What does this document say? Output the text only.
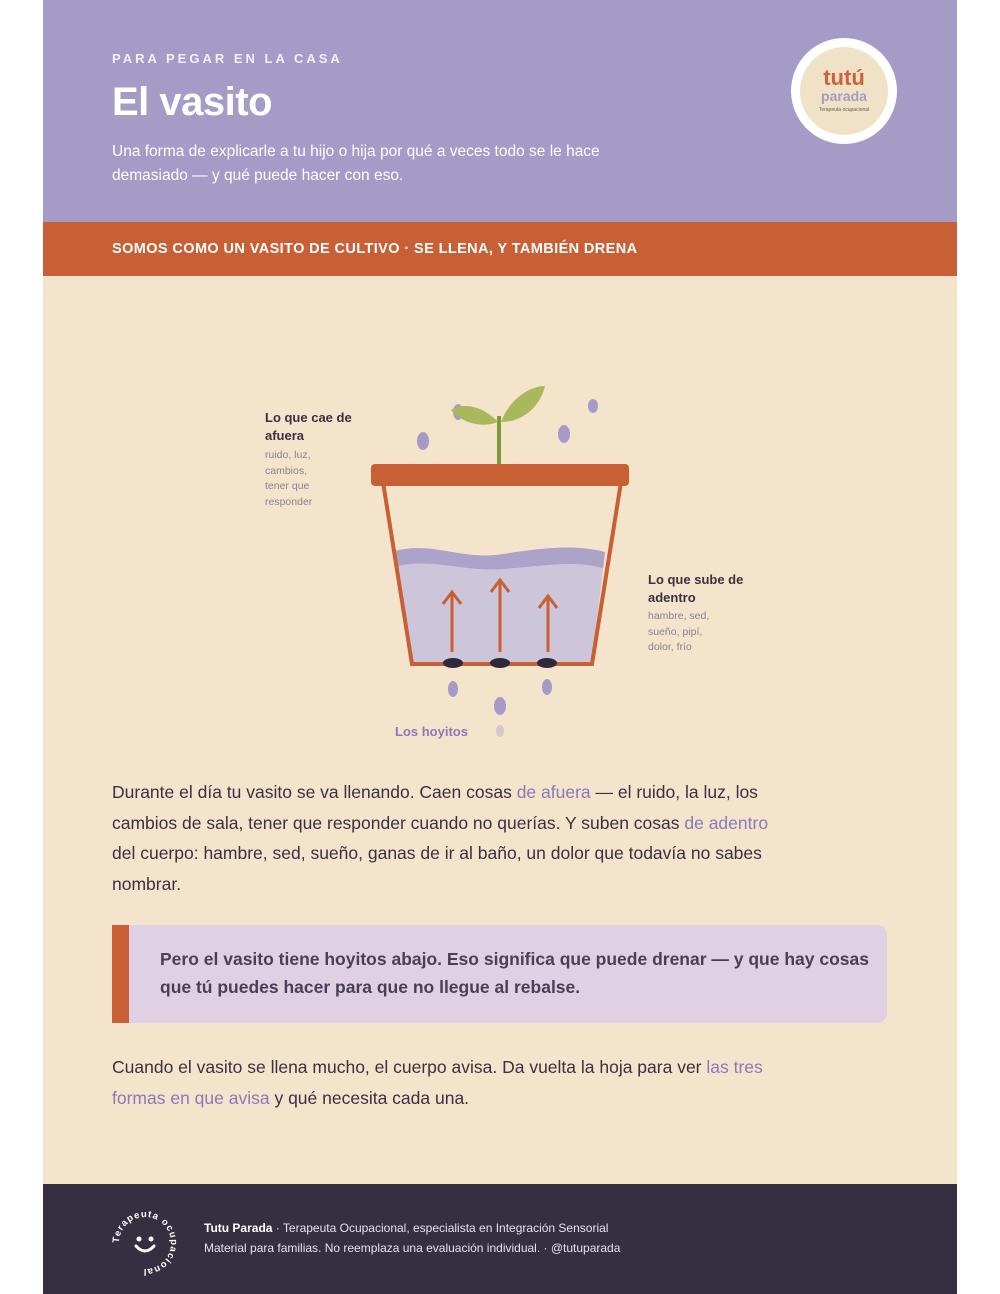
PARA PEGAR EN LA CASA
El vasito
Una forma de explicarle a tu hijo o hija por qué a veces todo se le hace demasiado — y qué puede hacer con eso.
tutú
parada
Terapeuta ocupacional
SOMOS COMO UN VASITO DE CULTIVO · SE LLENA, Y TAMBIÉN DRENA
Lo que cae de afuera
ruido, luz, cambios, tener que responder
Lo que sube de adentro
hambre, sed, sueño, pipí, dolor, frío
Los hoyitos
Durante el día tu vasito se va llenando. Caen cosas de afuera — el ruido, la luz, los cambios de sala, tener que responder cuando no querías. Y suben cosas de adentro del cuerpo: hambre, sed, sueño, ganas de ir al baño, un dolor que todavía no sabes nombrar.
Pero el vasito tiene hoyitos abajo. Eso significa que puede drenar — y que hay cosas que tú puedes hacer para que no llegue al rebalse.
Cuando el vasito se llena mucho, el cuerpo avisa. Da vuelta la hoja para ver las tres formas en que avisa y qué necesita cada una.
Terapeuta ocupacional
Tutu Parada · Terapeuta Ocupacional, especialista en Integración Sensorial
Material para familias. No reemplaza una evaluación individual. · @tutuparada
